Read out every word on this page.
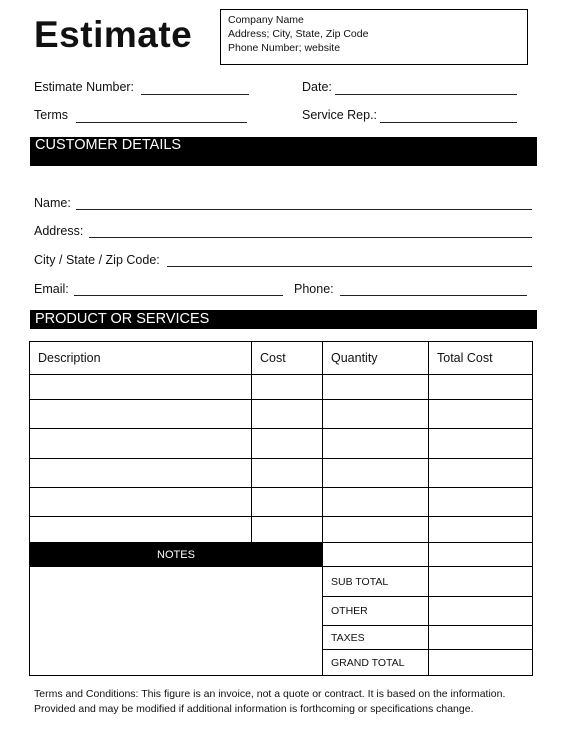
Estimate	Company Name
Address; City, State, Zip Code
Phone Number; website
Estimate Number:	Date:
Terms	Service Rep.:
CUSTOMER DETAILS
Name:
Address:
City / State / Zip Code:
Email:	Phone:
PRODUCT OR SERVICES
Description	Cost	Quantity	Total Cost

NOTES			
		SUB TOTAL	
		OTHER	
		TAXES	
		GRAND TOTAL	
Terms and Conditions: This figure is an invoice, not a quote or contract. It is based on the information.
Provided and may be modified if additional information is forthcoming or specifications change.
